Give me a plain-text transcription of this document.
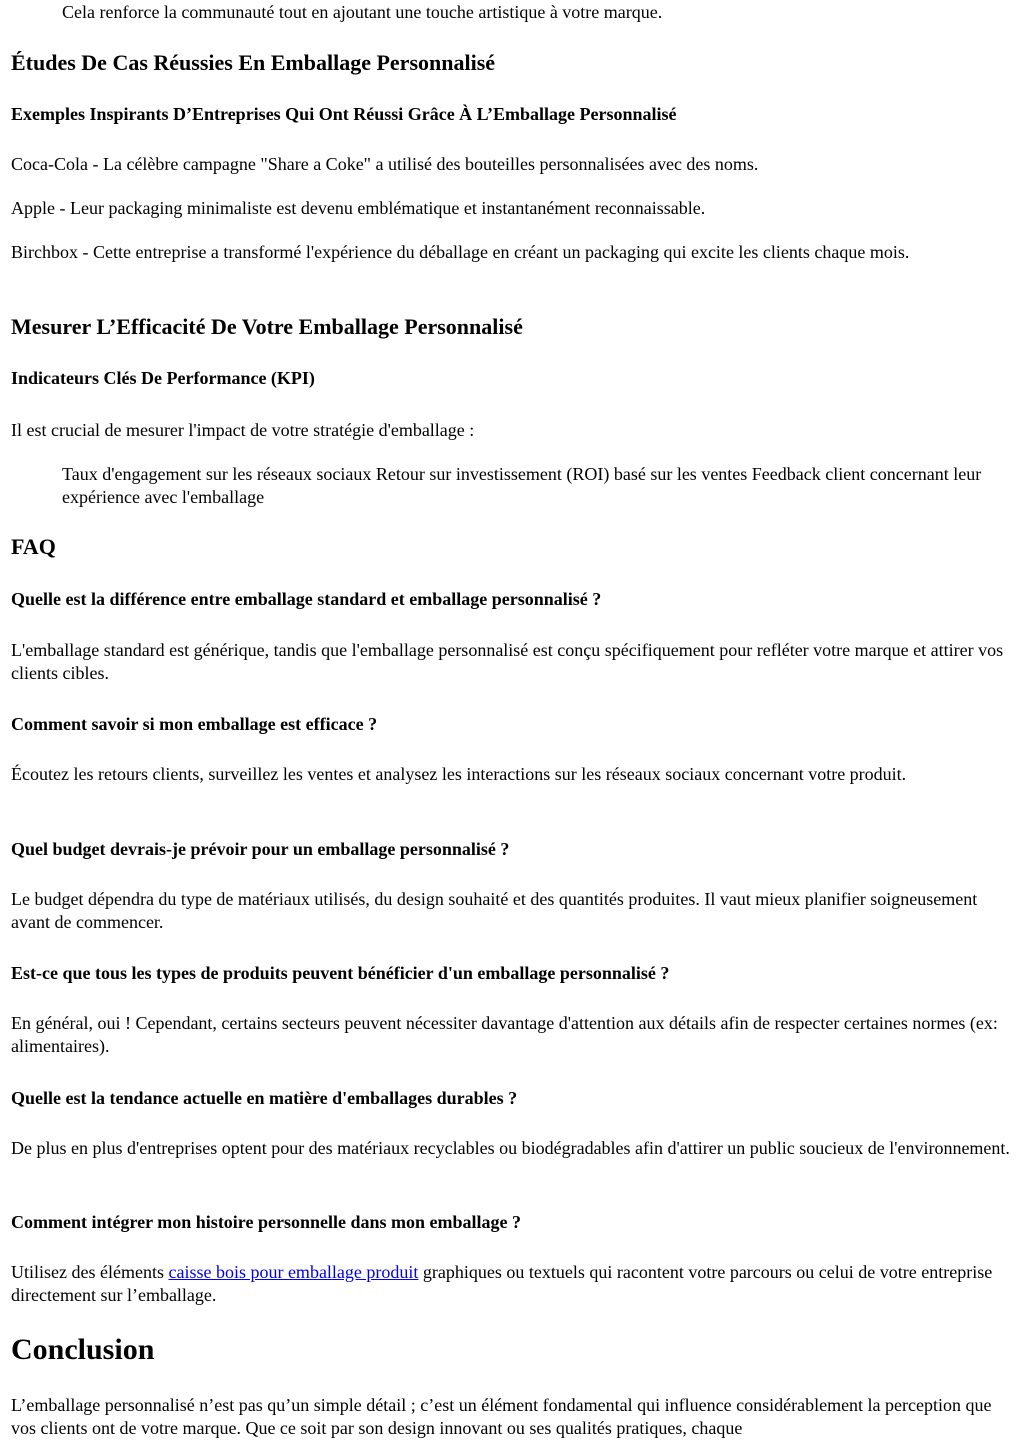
Cela renforce la communauté tout en ajoutant une touche artistique à votre marque.
Études De Cas Réussies En Emballage Personnalisé
Exemples Inspirants D’Entreprises Qui Ont Réussi Grâce À L’Emballage Personnalisé

Coca-Cola - La célèbre campagne "Share a Coke" a utilisé des bouteilles personnalisées avec des noms.

Apple - Leur packaging minimaliste est devenu emblématique et instantanément reconnaissable.

Birchbox - Cette entreprise a transformé l'expérience du déballage en créant un packaging qui excite les clients chaque mois.

Mesurer L’Efficacité De Votre Emballage Personnalisé
Indicateurs Clés De Performance (KPI)

Il est crucial de mesurer l'impact de votre stratégie d'emballage :

Taux d'engagement sur les réseaux sociaux Retour sur investissement (ROI) basé sur les ventes Feedback client concernant leur expérience avec l'emballage
FAQ
Quelle est la différence entre emballage standard et emballage personnalisé ?

L'emballage standard est générique, tandis que l'emballage personnalisé est conçu spécifiquement pour refléter votre marque et attirer vos clients cibles.

Comment savoir si mon emballage est efficace ?

Écoutez les retours clients, surveillez les ventes et analysez les interactions sur les réseaux sociaux concernant votre produit.

Quel budget devrais-je prévoir pour un emballage personnalisé ?

Le budget dépendra du type de matériaux utilisés, du design souhaité et des quantités produites. Il vaut mieux planifier soigneusement avant de commencer.

Est-ce que tous les types de produits peuvent bénéficier d'un emballage personnalisé ?

En général, oui ! Cependant, certains secteurs peuvent nécessiter davantage d'attention aux détails afin de respecter certaines normes (ex: alimentaires).

Quelle est la tendance actuelle en matière d'emballages durables ?

De plus en plus d'entreprises optent pour des matériaux recyclables ou biodégradables afin d'attirer un public soucieux de l'environnement.

Comment intégrer mon histoire personnelle dans mon emballage ?

Utilisez des éléments caisse bois pour emballage produit graphiques ou textuels qui racontent votre parcours ou celui de votre entreprise directement sur l’emballage.

Conclusion

L’emballage personnalisé n’est pas qu’un simple détail ; c’est un élément fondamental qui influence considérablement la perception que vos clients ont de votre marque. Que ce soit par son design innovant ou ses qualités pratiques, chaque
